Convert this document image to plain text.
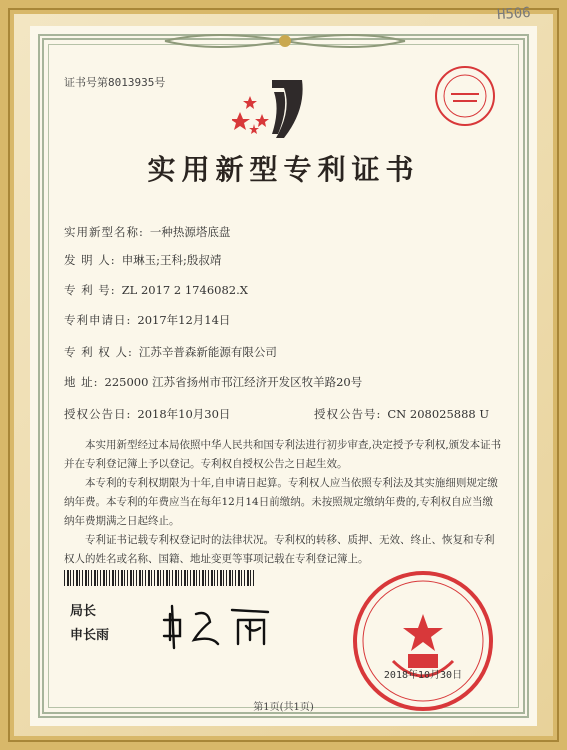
H506
证书号第8013935号
实用新型专利证书
实用新型名称: 一种热源塔底盘
发 明 人: 申琳玉;王科;殷叔靖
专 利 号: ZL 2017 2 1746082.X
专利申请日: 2017年12月14日
专 利 权 人: 江苏辛普森新能源有限公司
地 址: 225000 江苏省扬州市邗江经济开发区牧羊路20号
授权公告日: 2018年10月30日	授权公告号: CN 208025888 U

本实用新型经过本局依照中华人民共和国专利法进行初步审查,决定授予专利权,颁发本证书并在专利登记簿上予以登记。专利权自授权公告之日起生效。

本专利的专利权期限为十年,自申请日起算。专利权人应当依照专利法及其实施细则规定缴纳年费。本专利的年费应当在每年12月14日前缴纳。未按照规定缴纳年费的,专利权自应当缴纳年费期满之日起终止。

专利证书记载专利权登记时的法律状况。专利权的转移、质押、无效、终止、恢复和专利权人的姓名或名称、国籍、地址变更等事项记载在专利登记簿上。

局长
申长雨
2018年10月30日
第1页(共1页)
